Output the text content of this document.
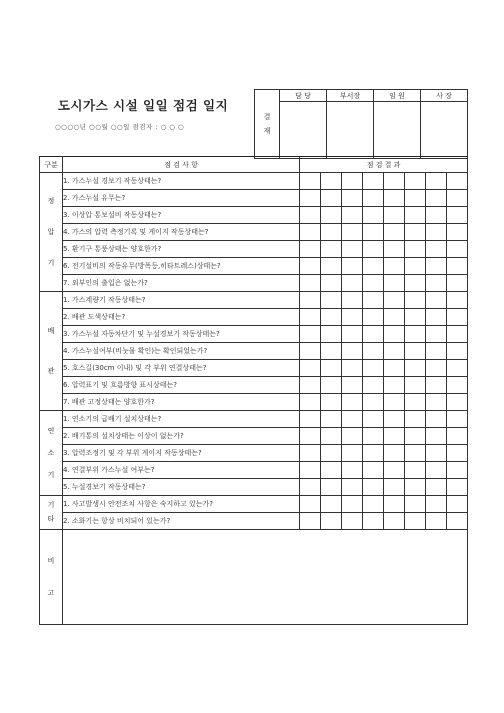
도시가스 시설 일일 점검 일지
○○○○년 ○○월 ○○일 점검자 : ○ ○ ○
결
재	담 당	부서장	임 원	사 장

구분	점 검 사 항	점 검 결 과							

정
압
기	1. 가스누설 경보기 작동상태는?								
	2. 가스누설 유무는?								
	3. 이상압 통보설비 작동상태는?								
	4. 가스의 압력 측정기록 및 게이지 작동상태는?								
	5. 환기구 통풍상태는 양호한가?								
	6. 전기설비의 작동유무(방폭등,히타트레스)상태는?								
	7. 외부인의 출입은 없는가?								

배
관	1. 가스계량기 작동상태는?								
	2. 배관 도색상태는?								
	3. 가스누설 자동차단기 및 누설경보기 작동상태는?								
	4. 가스누설여부(비눗물 확인)는 확인되었는가?								
	5. 호스길(30cm 이내) 및 각 부위 연결상태는?								
	6. 압력표기 및 흐름방향 표시상태는?								
	7. 배관 고정상태는 양호한가?								

연
소
기	1. 연소기의 급배기 설치상태는?								
	2. 배기통의 설치상태는 이상이 없는가?								
	3. 압력조정기 및 각 부위 게이지 작동상태는?								
	4. 연결부위 가스누설 여부는?								
	5. 누설경보기 작동상태는?								

기
타	1. 사고발생시 안전조치 사항은 숙지하고 있는가?								
	2. 소화기는 항상 비치되어 있는가?								

비
고									
